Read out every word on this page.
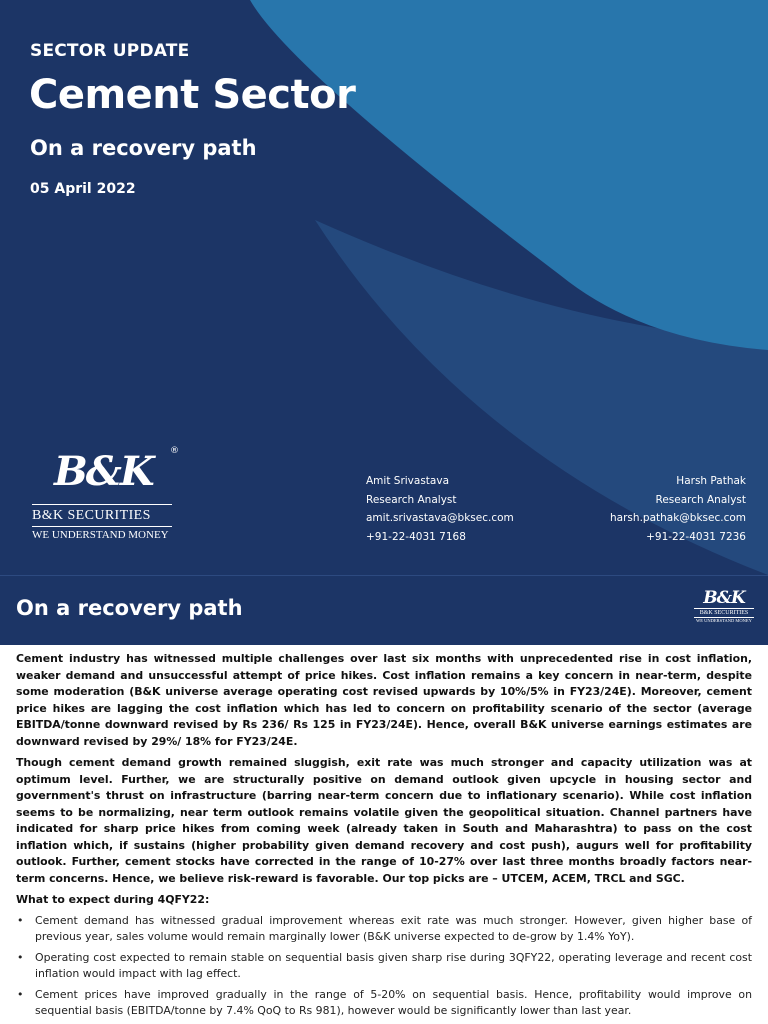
SECTOR UPDATE
Cement Sector
On a recovery path
05 April 2022
B&K ®
B&K SECURITIES
WE UNDERSTAND MONEY
Amit Srivastava
Research Analyst
amit.srivastava@bksec.com
+91-22-4031 7168
Harsh Pathak
Research Analyst
harsh.pathak@bksec.com
+91-22-4031 7236
On a recovery path	B&K
B&K SECURITIES
WE UNDERSTAND MONEY

Cement industry has witnessed multiple challenges over last six months with unprecedented rise in cost inflation, weaker demand and unsuccessful attempt of price hikes. Cost inflation remains a key concern in near-term, despite some moderation (B&K universe average operating cost revised upwards by 10%/5% in FY23/24E). Moreover, cement price hikes are lagging the cost inflation which has led to concern on profitability scenario of the sector (average EBITDA/tonne downward revised by Rs 236/ Rs 125 in FY23/24E). Hence, overall B&K universe earnings estimates are downward revised by 29%/ 18% for FY23/24E.

Though cement demand growth remained sluggish, exit rate was much stronger and capacity utilization was at optimum level. Further, we are structurally positive on demand outlook given upcycle in housing sector and government's thrust on infrastructure (barring near-term concern due to inflationary scenario). While cost inflation seems to be normalizing, near term outlook remains volatile given the geopolitical situation. Channel partners have indicated for sharp price hikes from coming week (already taken in South and Maharashtra) to pass on the cost inflation which, if sustains (higher probability given demand recovery and cost push), augurs well for profitability outlook. Further, cement stocks have corrected in the range of 10-27% over last three months broadly factors near-term concerns. Hence, we believe risk-reward is favorable. Our top picks are – UTCEM, ACEM, TRCL and SGC.

What to expect during 4QFY22:
• Cement demand has witnessed gradual improvement whereas exit rate was much stronger. However, given higher base of previous year, sales volume would remain marginally lower (B&K universe expected to de-grow by 1.4% YoY).
• Operating cost expected to remain stable on sequential basis given sharp rise during 3QFY22, operating leverage and recent cost inflation would impact with lag effect.
• Cement prices have improved gradually in the range of 5-20% on sequential basis. Hence, profitability would improve on sequential basis (EBITDA/tonne by 7.4% QoQ to Rs 981), however would be significantly lower than last year.
